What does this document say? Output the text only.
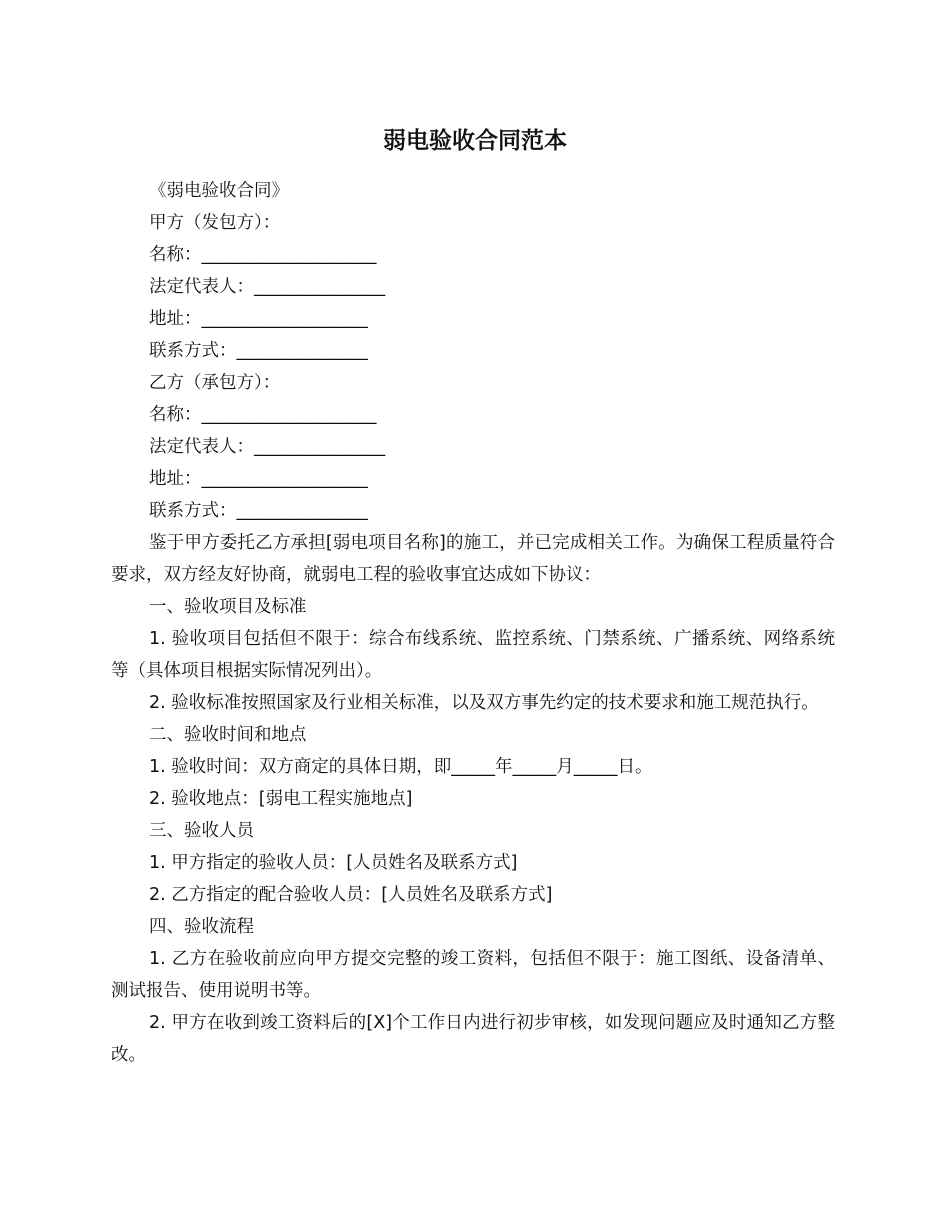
弱电验收合同范本

《弱电验收合同》

甲方（发包方）：

名称：____________________

法定代表人：_______________

地址：___________________

联系方式：_______________

乙方（承包方）：

名称：____________________

法定代表人：_______________

地址：___________________

联系方式：_______________

鉴于甲方委托乙方承担[弱电项目名称]的施工，并已完成相关工作。为确保工程质量符合要求，双方经友好协商，就弱电工程的验收事宜达成如下协议：

一、验收项目及标准

1. 验收项目包括但不限于：综合布线系统、监控系统、门禁系统、广播系统、网络系统等（具体项目根据实际情况列出）。

2. 验收标准按照国家及行业相关标准，以及双方事先约定的技术要求和施工规范执行。

二、验收时间和地点

1. 验收时间：双方商定的具体日期，即_____年_____月_____日。

2. 验收地点：[弱电工程实施地点]

三、验收人员

1. 甲方指定的验收人员：[人员姓名及联系方式]

2. 乙方指定的配合验收人员：[人员姓名及联系方式]

四、验收流程

1. 乙方在验收前应向甲方提交完整的竣工资料，包括但不限于：施工图纸、设备清单、测试报告、使用说明书等。

2. 甲方在收到竣工资料后的[X]个工作日内进行初步审核，如发现问题应及时通知乙方整改。
